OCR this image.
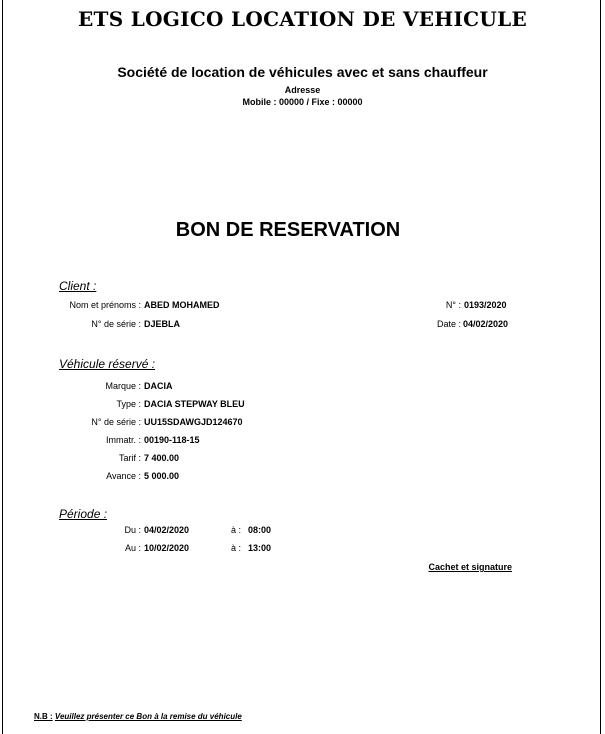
ETS LOGICO LOCATION DE VEHICULE
Société de location de véhicules avec et sans chauffeur
Adresse
Mobile : 00000 / Fixe : 00000
BON DE RESERVATION
Client :
Nom et prénoms : ABED MOHAMED
N° de série : DJEBLA
N° : 0193/2020
Date : 04/02/2020
Véhicule réservé :
Marque : DACIA
Type : DACIA STEPWAY BLEU
N° de série : UU15SDAWGJD124670
Immatr. : 00190-118-15
Tarif : 7 400.00
Avance : 5 000.00
Période :
Du : 04/02/2020	à : 08:00
Au : 10/02/2020	à : 13:00
Cachet et signature
N.B : Veuillez présenter ce Bon à la remise du véhicule
